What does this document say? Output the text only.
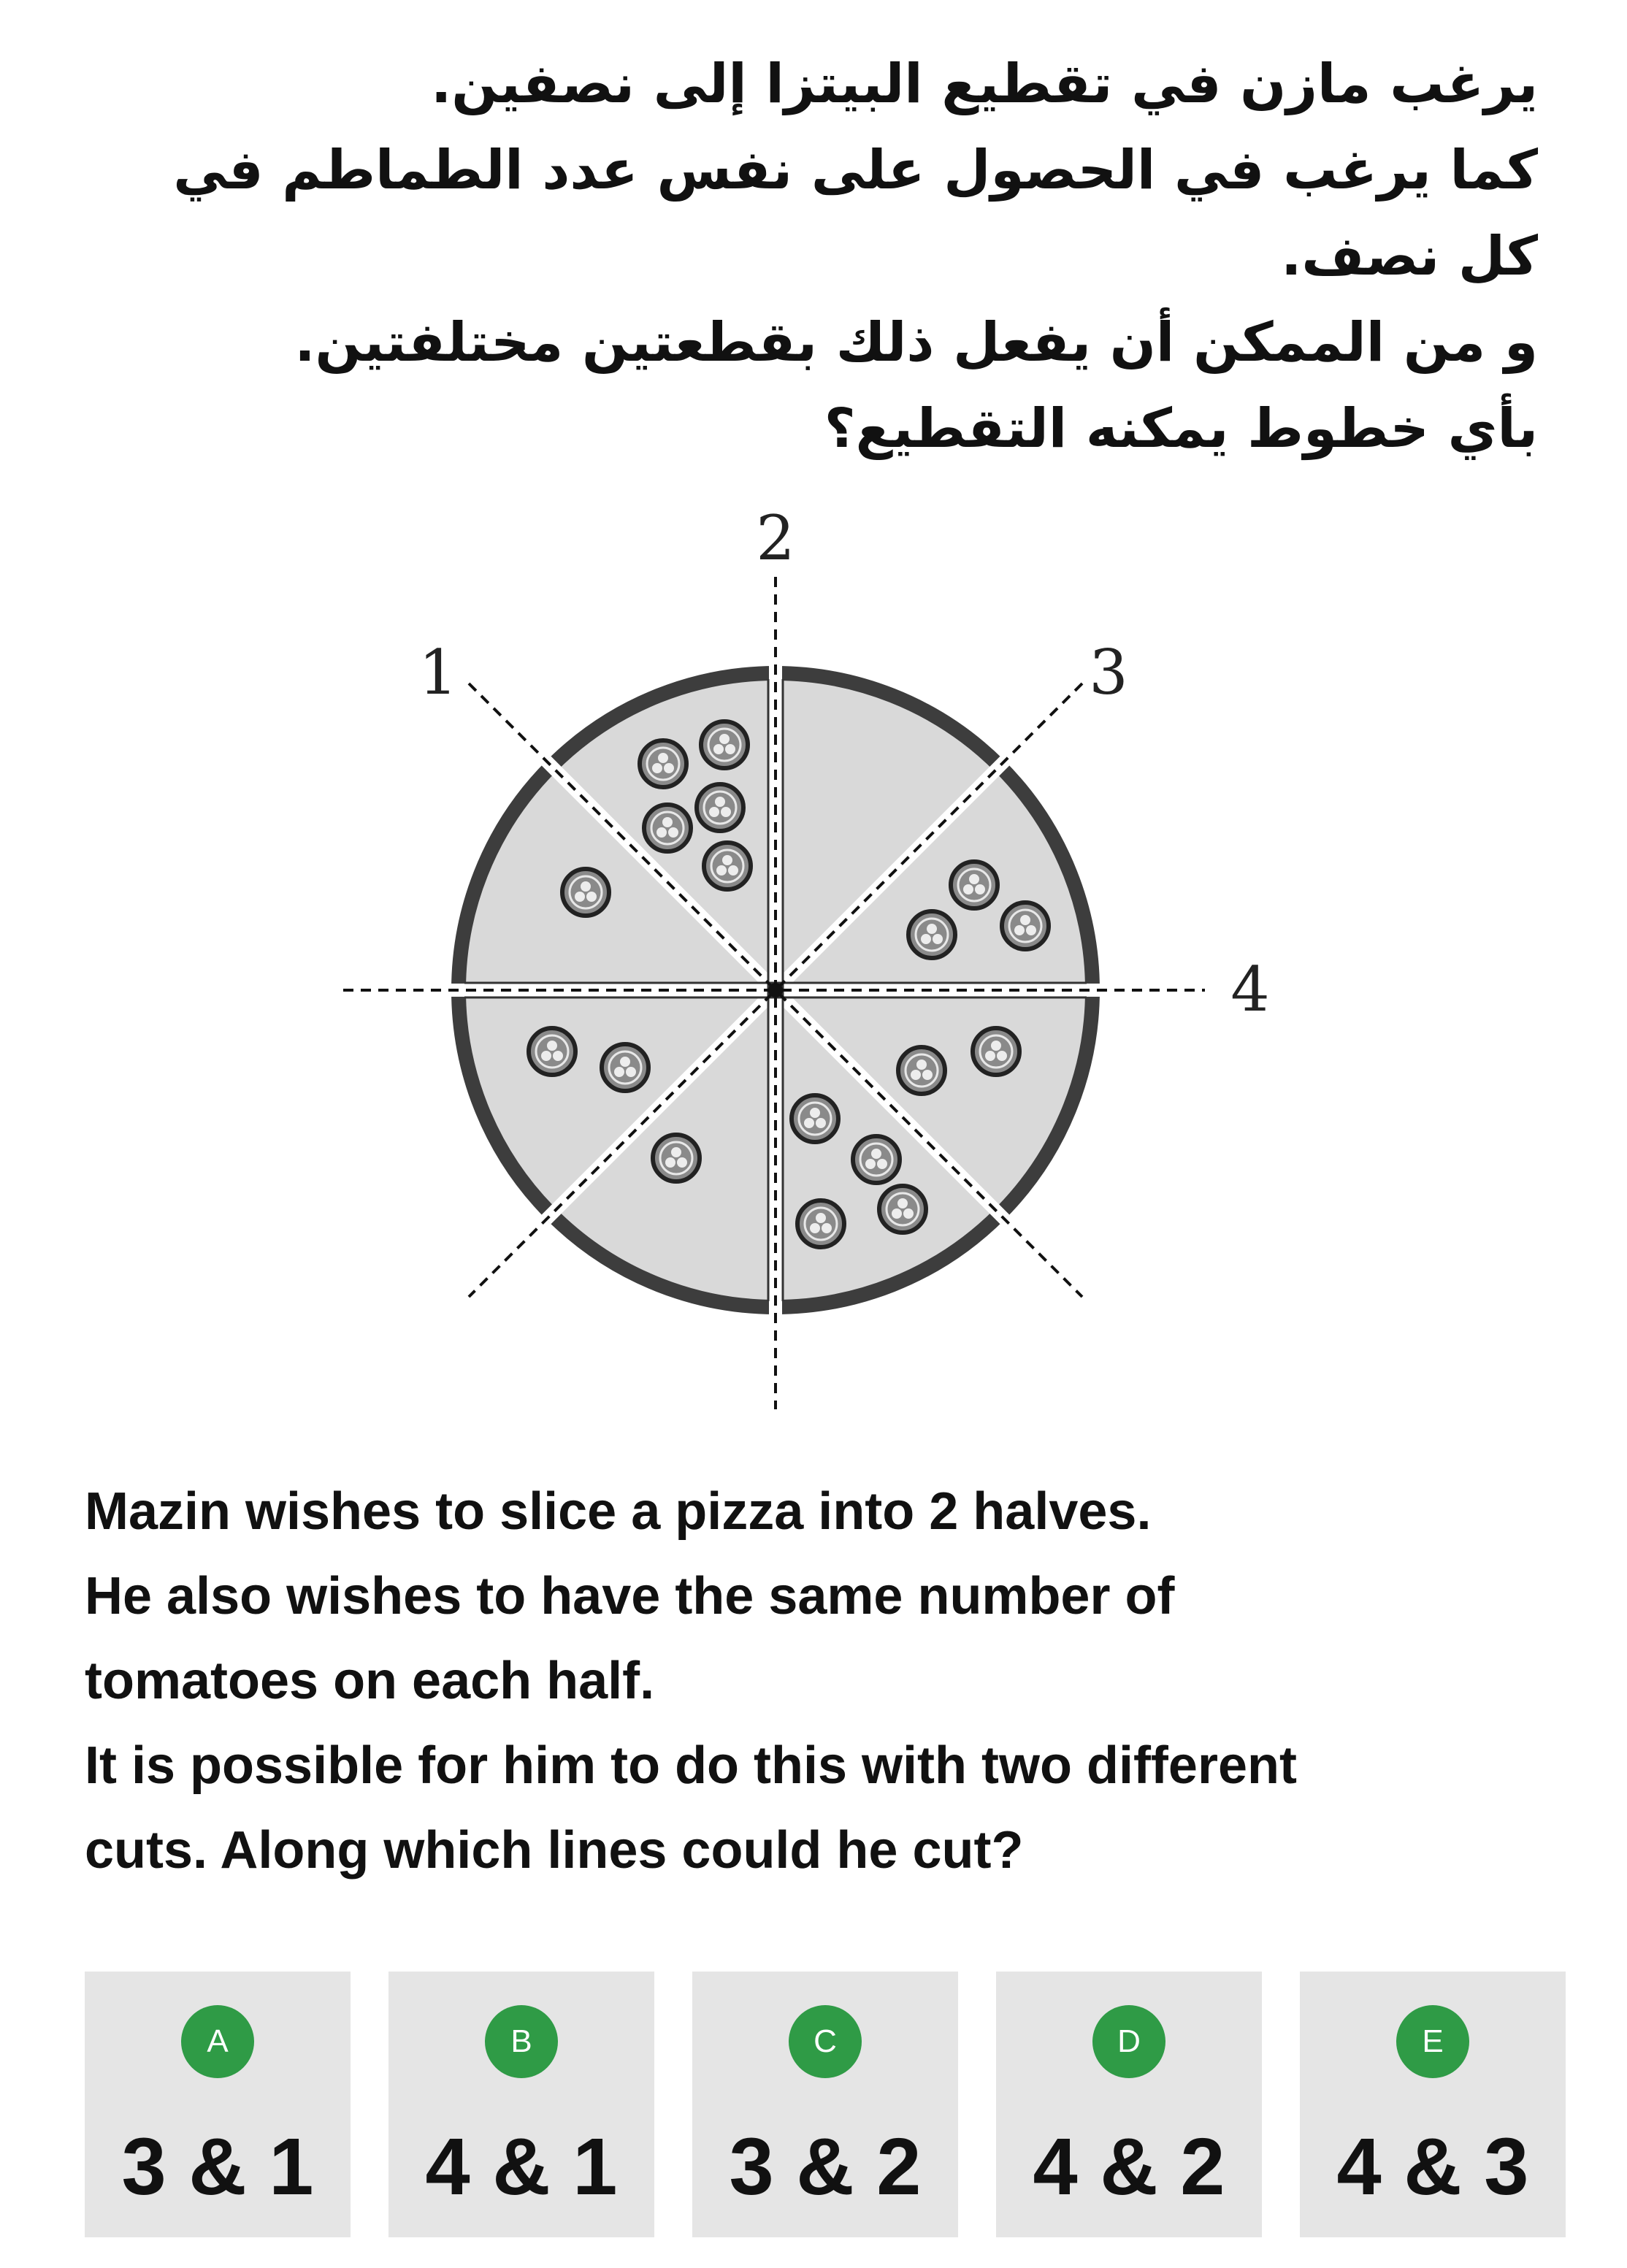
يرغب مازن في تقطيع البيتزا إلى نصفين.
كما يرغب في الحصول على نفس عدد الطماطم في
كل نصف.
و من الممكن أن يفعل ذلك بقطعتين مختلفتين.
بأي خطوط يمكنه التقطيع؟
1
2
3
4
Mazin wishes to slice a pizza into 2 halves.
He also wishes to have the same number of
tomatoes on each half.
It is possible for him to do this with two different
cuts. Along which lines could he cut?
A
3 & 1
B
4 & 1
C
3 & 2
D
4 & 2
E
4 & 3
